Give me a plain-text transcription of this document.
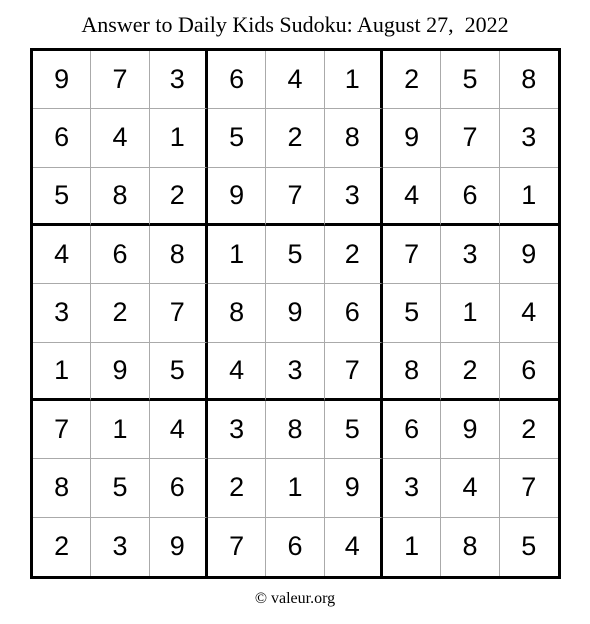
Answer to Daily Kids Sudoku: August 27,  2022
9	7	3	6	4	1	2	5	8
6	4	1	5	2	8	9	7	3
5	8	2	9	7	3	4	6	1
4	6	8	1	5	2	7	3	9
3	2	7	8	9	6	5	1	4
1	9	5	4	3	7	8	2	6
7	1	4	3	8	5	6	9	2
8	5	6	2	1	9	3	4	7
2	3	9	7	6	4	1	8	5
© valeur.org
